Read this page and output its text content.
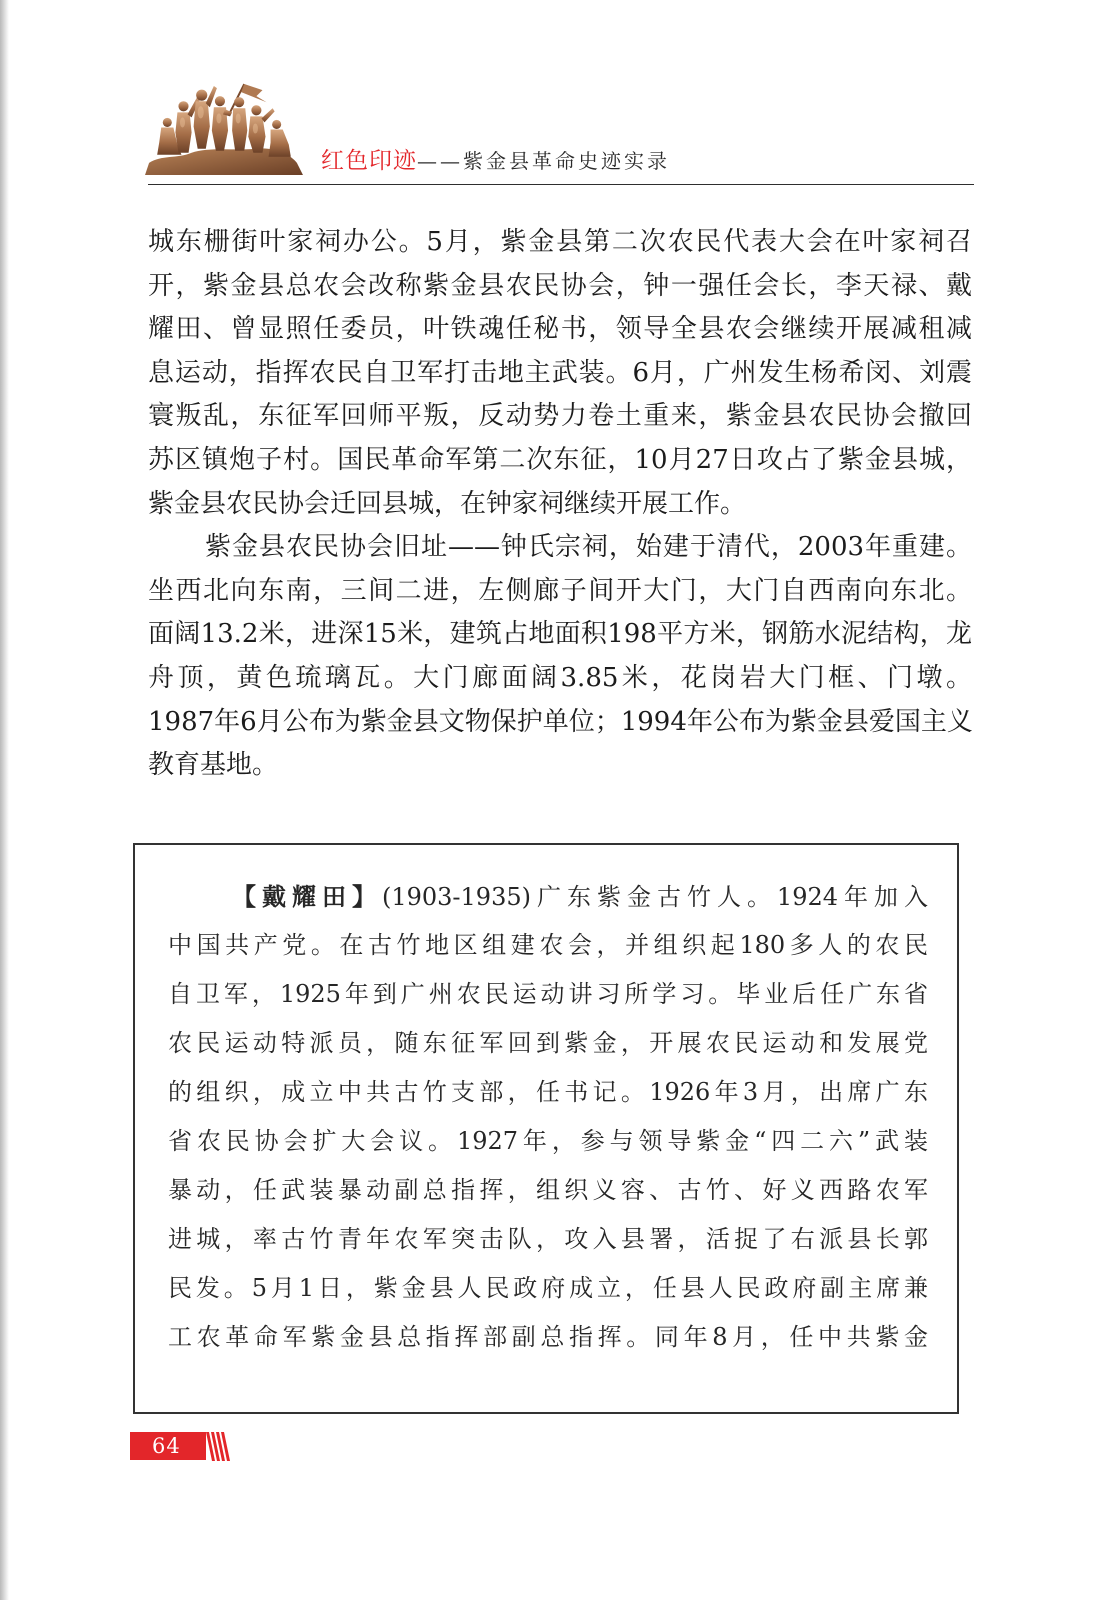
红色印迹——紫金县革命史迹实录
城东栅街叶家祠办公。5月，紫金县第二次农民代表大会在叶家祠召
开，紫金县总农会改称紫金县农民协会，钟一强任会长，李天禄、戴
耀田、曾显照任委员，叶铁魂任秘书，领导全县农会继续开展减租减
息运动，指挥农民自卫军打击地主武装。6月，广州发生杨希闵、刘震
寰叛乱，东征军回师平叛，反动势力卷土重来，紫金县农民协会撤回
苏区镇炮子村。国民革命军第二次东征，10月27日攻占了紫金县城，
紫金县农民协会迁回县城，在钟家祠继续开展工作。
紫金县农民协会旧址——钟氏宗祠，始建于清代，2003年重建。
坐西北向东南，三间二进，左侧廊子间开大门，大门自西南向东北。
面阔13.2米，进深15米，建筑占地面积198平方米，钢筋水泥结构，龙
舟顶，黄色琉璃瓦。大门廊面阔3.85米，花岗岩大门框、门墩。
1987年6月公布为紫金县文物保护单位；1994年公布为紫金县爱国主义
教育基地。
【戴耀田】(1903-1935)广东紫金古竹人。1924年加入
中国共产党。在古竹地区组建农会，并组织起180多人的农民
自卫军，1925年到广州农民运动讲习所学习。毕业后任广东省
农民运动特派员，随东征军回到紫金，开展农民运动和发展党
的组织，成立中共古竹支部，任书记。1926年3月，出席广东
省农民协会扩大会议。1927年，参与领导紫金“四二六”武装
暴动，任武装暴动副总指挥，组织义容、古竹、好义西路农军
进城，率古竹青年农军突击队，攻入县署，活捉了右派县长郭
民发。5月1日，紫金县人民政府成立，任县人民政府副主席兼
工农革命军紫金县总指挥部副总指挥。同年8月，任中共紫金
64
